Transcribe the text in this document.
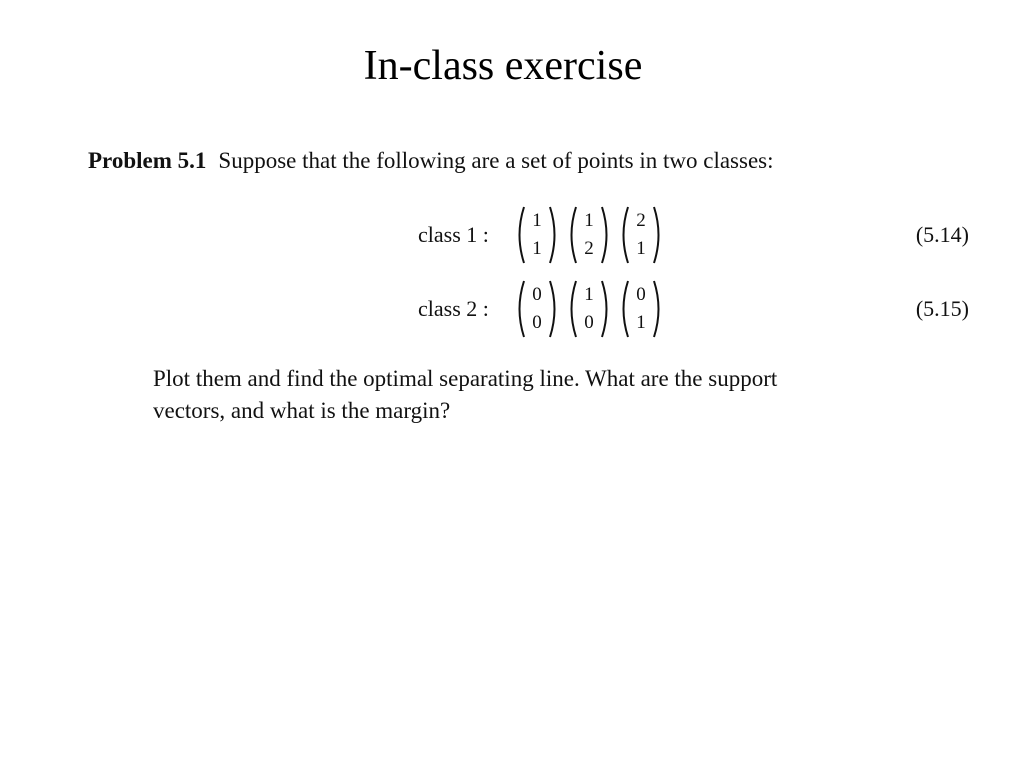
In-class exercise
Problem 5.1 Suppose that the following are a set of points in two classes:
class 1 :
1
1
1
2
2
1
(5.14)
class 2 :
0
0
1
0
0
1
(5.15)
Plot them and find the optimal separating line. What are the support
vectors, and what is the margin?
